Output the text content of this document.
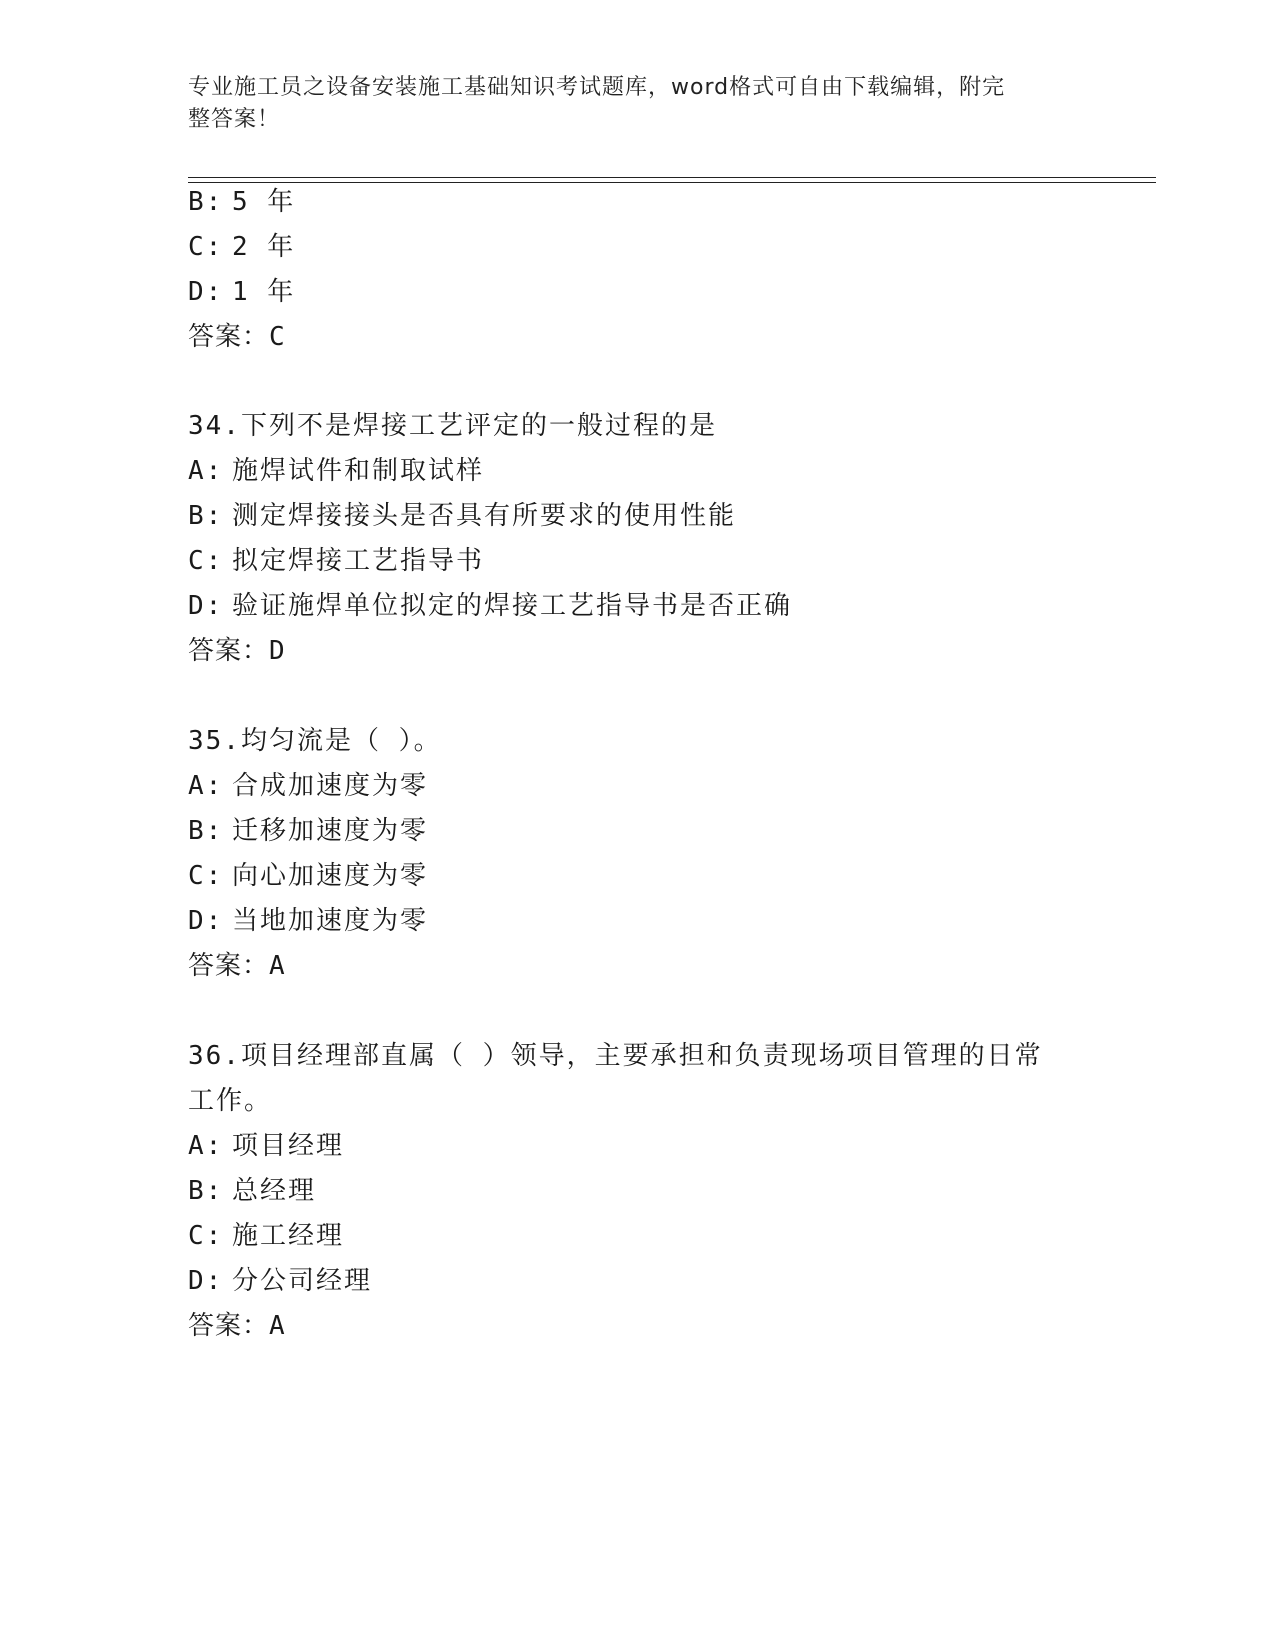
专业施工员之设备安装施工基础知识考试题库，word格式可自由下载编辑，附完
整答案！
B: 5 年
C: 2 年
D: 1 年
答案：C
34.下列不是焊接工艺评定的一般过程的是
A: 施焊试件和制取试样
B: 测定焊接接头是否具有所要求的使用性能
C: 拟定焊接工艺指导书
D: 验证施焊单位拟定的焊接工艺指导书是否正确
答案：D
35.均匀流是（ ）。
A: 合成加速度为零
B: 迁移加速度为零
C: 向心加速度为零
D: 当地加速度为零
答案：A
36.项目经理部直属（ ）领导，主要承担和负责现场项目管理的日常
工作。
A: 项目经理
B: 总经理
C: 施工经理
D: 分公司经理
答案：A
